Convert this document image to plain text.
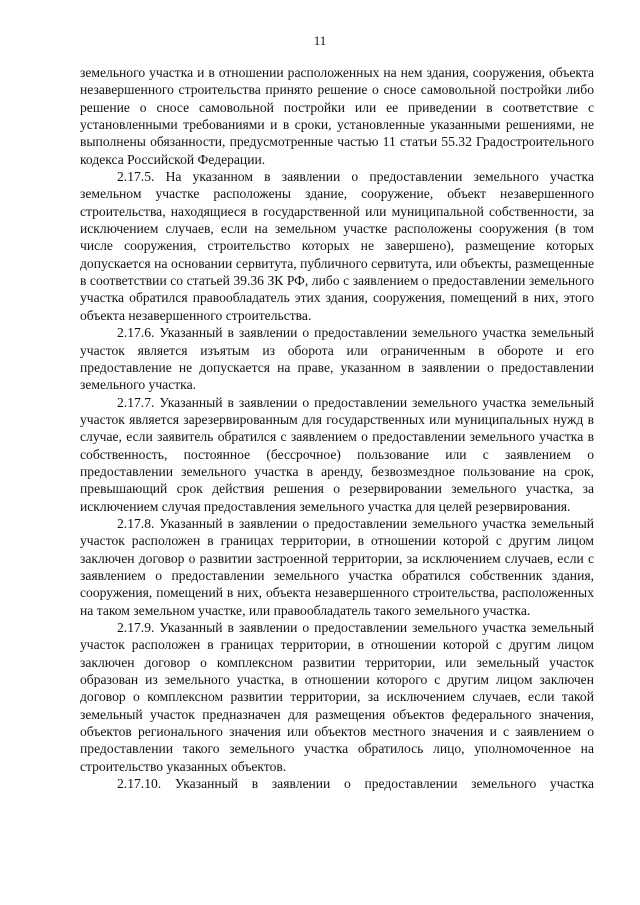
11

земельного участка и в отношении расположенных на нем здания, сооружения, объекта незавершенного строительства принято решение о сносе самовольной постройки либо решение о сносе самовольной постройки или ее приведении в соответствие с установленными требованиями и в сроки, установленные указанными решениями, не выполнены обязанности, предусмотренные частью 11 статьи 55.32 Градостроительного кодекса Российской Федерации.

2.17.5. На указанном в заявлении о предоставлении земельного участка земельном участке расположены здание, сооружение, объект незавершенного строительства, находящиеся в государственной или муниципальной собственности, за исключением случаев, если на земельном участке расположены сооружения (в том числе сооружения, строительство которых не завершено), размещение которых допускается на основании сервитута, публичного сервитута, или объекты, размещенные в соответствии со статьей 39.36 ЗК РФ, либо с заявлением о предоставлении земельного участка обратился правообладатель этих здания, сооружения, помещений в них, этого объекта незавершенного строительства.

2.17.6. Указанный в заявлении о предоставлении земельного участка земельный участок является изъятым из оборота или ограниченным в обороте и его предоставление не допускается на праве, указанном в заявлении о предоставлении земельного участка.

2.17.7. Указанный в заявлении о предоставлении земельного участка земельный участок является зарезервированным для государственных или муниципальных нужд в случае, если заявитель обратился с заявлением о предоставлении земельного участка в собственность, постоянное (бессрочное) пользование или с заявлением о предоставлении земельного участка в аренду, безвозмездное пользование на срок, превышающий срок действия решения о резервировании земельного участка, за исключением случая предоставления земельного участка для целей резервирования.

2.17.8. Указанный в заявлении о предоставлении земельного участка земельный участок расположен в границах территории, в отношении которой с другим лицом заключен договор о развитии застроенной территории, за исключением случаев, если с заявлением о предоставлении земельного участка обратился собственник здания, сооружения, помещений в них, объекта незавершенного строительства, расположенных на таком земельном участке, или правообладатель такого земельного участка.

2.17.9. Указанный в заявлении о предоставлении земельного участка земельный участок расположен в границах территории, в отношении которой с другим лицом заключен договор о комплексном развитии территории, или земельный участок образован из земельного участка, в отношении которого с другим лицом заключен договор о комплексном развитии территории, за исключением случаев, если такой земельный участок предназначен для размещения объектов федерального значения, объектов регионального значения или объектов местного значения и с заявлением о предоставлении такого земельного участка обратилось лицо, уполномоченное на строительство указанных объектов.

2.17.10. Указанный в заявлении о предоставлении земельного участка
